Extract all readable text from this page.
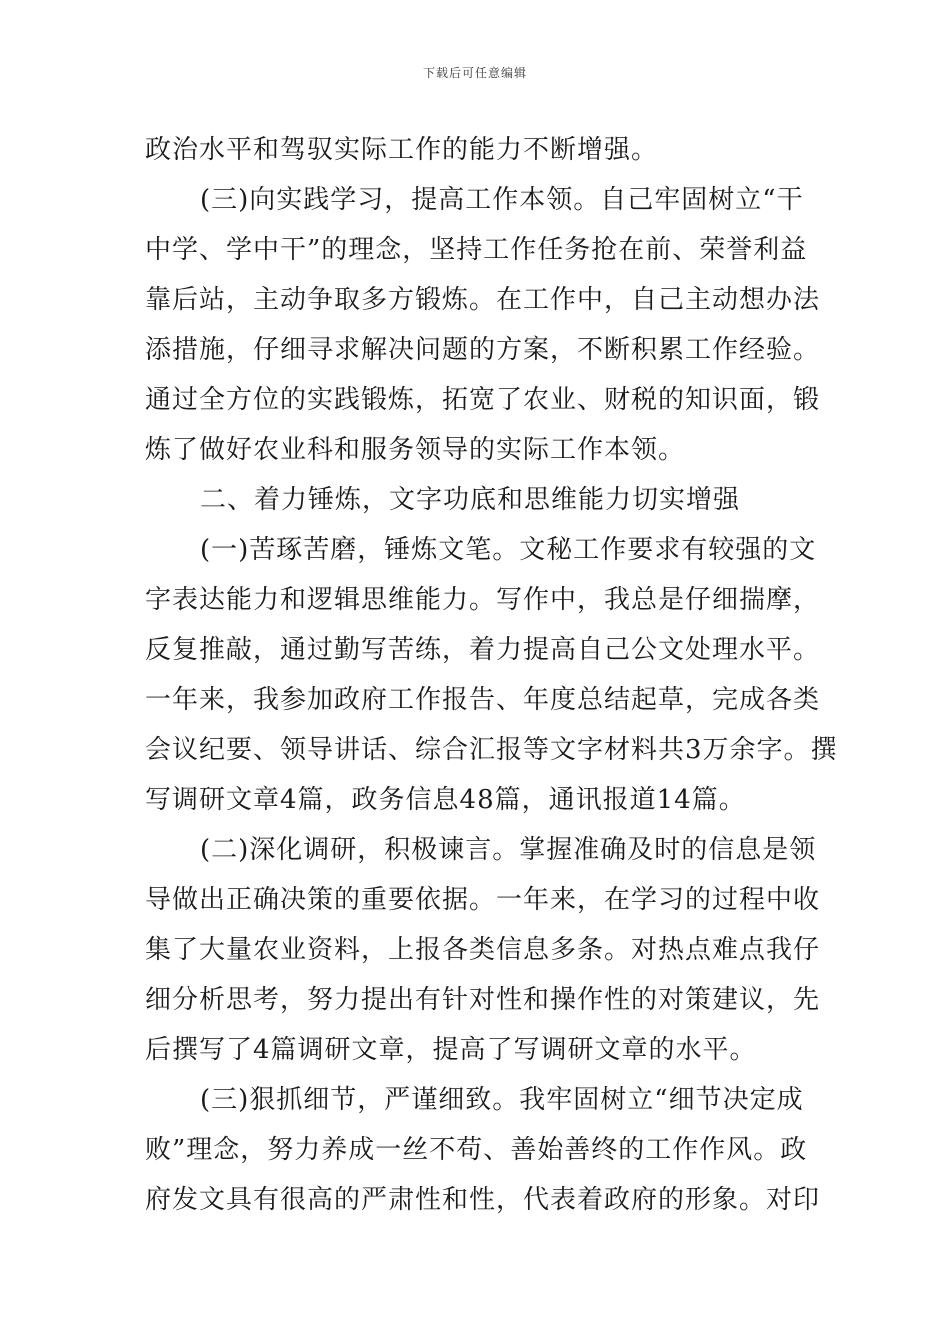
下载后可任意编辑
政治水平和驾驭实际工作的能力不断增强。
(三)向实践学习，提高工作本领。自己牢固树立“干
中学、学中干”的理念，坚持工作任务抢在前、荣誉利益
靠后站，主动争取多方锻炼。在工作中，自己主动想办法
添措施，仔细寻求解决问题的方案，不断积累工作经验。
通过全方位的实践锻炼，拓宽了农业、财税的知识面，锻
炼了做好农业科和服务领导的实际工作本领。
二、着力锤炼，文字功底和思维能力切实增强
(一)苦琢苦磨，锤炼文笔。文秘工作要求有较强的文
字表达能力和逻辑思维能力。写作中，我总是仔细揣摩，
反复推敲，通过勤写苦练，着力提高自己公文处理水平。
一年来，我参加政府工作报告、年度总结起草，完成各类
会议纪要、领导讲话、综合汇报等文字材料共3万余字。撰
写调研文章4篇，政务信息48篇，通讯报道14篇。
(二)深化调研，积极谏言。掌握准确及时的信息是领
导做出正确决策的重要依据。一年来，在学习的过程中收
集了大量农业资料，上报各类信息多条。对热点难点我仔
细分析思考，努力提出有针对性和操作性的对策建议，先
后撰写了4篇调研文章，提高了写调研文章的水平。
(三)狠抓细节，严谨细致。我牢固树立“细节决定成
败”理念，努力养成一丝不苟、善始善终的工作作风。政
府发文具有很高的严肃性和性，代表着政府的形象。对印
